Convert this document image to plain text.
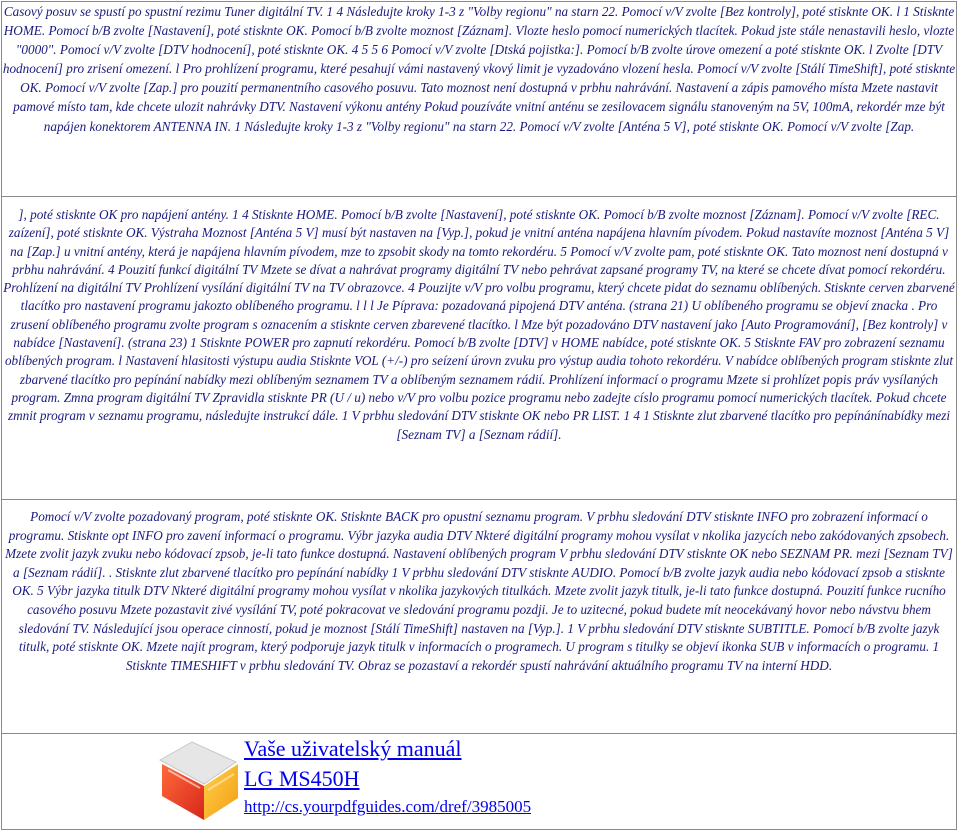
Casový posuv se spustí po spustní rezimu Tuner digitální TV. 1 4 Následujte kroky 1-3 z "Volby regionu" na starn 22. Pomocí v/V zvolte [Bez kontroly], poté stisknte OK. l 1 Stisknte HOME. Pomocí b/B zvolte [Nastavení], poté stisknte OK. Pomocí b/B zvolte moznost [Záznam]. Vlozte heslo pomocí numerických tlacítek. Pokud jste stále nenastavili heslo, vlozte "0000". Pomocí v/V zvolte [DTV hodnocení], poté stisknte OK. 4 5 5 6 Pomocí v/V zvolte [Dtská pojistka:]. Pomocí b/B zvolte úrove omezení a poté stisknte OK. l Zvolte [DTV hodnocení] pro zrisení omezení. l Pro prohlízení programu, které pesahují vámi nastavený vkový limit je vyzadováno vlození hesla. Pomocí v/V zvolte [Stálí TimeShift], poté stisknte OK. Pomocí v/V zvolte [Zap.] pro pouzití permanentního casového posuvu. Tato moznost není dostupná v prbhu nahrávání. Nastavení a zápis pamového místa Mzete nastavit pamové místo tam, kde chcete ulozit nahrávky DTV. Nastavení výkonu antény Pokud pouzíváte vnitní anténu se zesilovacem signálu stanoveným na 5V, 100mA, rekordér mze být napájen konektorem ANTENNA IN. 1 Následujte kroky 1-3 z "Volby regionu" na starn 22. Pomocí v/V zvolte [Anténa 5 V], poté stisknte OK. Pomocí v/V zvolte [Zap.

], poté stisknte OK pro napájení antény. 1 4 Stisknte HOME. Pomocí b/B zvolte [Nastavení], poté stisknte OK. Pomocí b/B zvolte moznost [Záznam]. Pomocí v/V zvolte [REC. zaízení], poté stisknte OK. Výstraha Moznost [Anténa 5 V] musí být nastaven na [Vyp.], pokud je vnitní anténa napájena hlavním pívodem. Pokud nastavíte moznost [Anténa 5 V] na [Zap.] u vnitní antény, která je napájena hlavním pívodem, mze to zpsobit skody na tomto rekordéru. 5 Pomocí v/V zvolte pam, poté stisknte OK. Tato moznost není dostupná v prbhu nahrávání. 4 Pouzití funkcí digitální TV Mzete se dívat a nahrávat programy digitální TV nebo pehrávat zapsané programy TV, na které se chcete dívat pomocí rekordéru. Prohlízení na digitální TV Prohlízení vysílání digitální TV na TV obrazovce. 4 Pouzijte v/V pro volbu programu, který chcete pidat do seznamu oblíbených. Stisknte cerven zbarvené tlacítko pro nastavení programu jakozto oblíbeného programu. l l l Je Píprava: pozadovaná pipojená DTV anténa. (strana 21) U oblíbeného programu se objeví znacka . Pro zrusení oblíbeného programu zvolte program s oznacením a stisknte cerven zbarevené tlacítko. l Mze být pozadováno DTV nastavení jako [Auto Programování], [Bez kontroly] v nabídce [Nastavení]. (strana 23) 1 Stisknte POWER pro zapnutí rekordéru. Pomocí b/B zvolte [DTV] v HOME nabídce, poté stisknte OK. 5 Stisknte FAV pro zobrazení seznamu oblíbených program. l Nastavení hlasitosti výstupu audia Stisknte VOL (+/-) pro seízení úrovn zvuku pro výstup audia tohoto rekordéru. V nabídce oblíbených program stisknte zlut zbarvené tlacítko pro pepínání nabídky mezi oblíbeným seznamem TV a oblíbeným seznamem rádií. Prohlízení informací o programu Mzete si prohlízet popis práv vysílaných program. Zmna program digitální TV Zpravidla stisknte PR (U / u) nebo v/V pro volbu pozice programu nebo zadejte císlo programu pomocí numerických tlacítek. Pokud chcete zmnit program v seznamu programu, následujte instrukcí dále. 1 V prbhu sledování DTV stisknte OK nebo PR LIST. 1 4 1 Stisknte zlut zbarvené tlacítko pro pepínánínabídky mezi [Seznam TV] a [Seznam rádií].

Pomocí v/V zvolte pozadovaný program, poté stisknte OK. Stisknte BACK pro opustní seznamu program. V prbhu sledování DTV stisknte INFO pro zobrazení informací o programu. Stisknte opt INFO pro zavení informací o programu. Výbr jazyka audia DTV Nkteré digitální programy mohou vysílat v nkolika jazycích nebo zakódovaných zpsobech. Mzete zvolit jazyk zvuku nebo kódovací zpsob, je-li tato funkce dostupná. Nastavení oblíbených program V prbhu sledování DTV stisknte OK nebo SEZNAM PR. mezi [Seznam TV] a [Seznam rádií]. . Stisknte zlut zbarvené tlacítko pro pepínání nabídky 1 V prbhu sledování DTV stisknte AUDIO. Pomocí b/B zvolte jazyk audia nebo kódovací zpsob a stisknte OK. 5 Výbr jazyka titulk DTV Nkteré digitální programy mohou vysílat v nkolika jazykových titulkách. Mzete zvolit jazyk titulk, je-li tato funkce dostupná. Pouzití funkce rucního casového posuvu Mzete pozastavit zivé vysílání TV, poté pokracovat ve sledování programu pozdji. Je to uzitecné, pokud budete mít neocekávaný hovor nebo návstvu bhem sledování TV. Následující jsou operace cinností, pokud je moznost [Stálí TimeShift] nastaven na [Vyp.]. 1 V prbhu sledování DTV stisknte SUBTITLE. Pomocí b/B zvolte jazyk titulk, poté stisknte OK. Mzete najít program, který podporuje jazyk titulk v informacích o programech. U program s titulky se objeví ikonka SUB v informacích o programu. 1 Stisknte TIMESHIFT v prbhu sledování TV. Obraz se pozastaví a rekordér spustí nahrávání aktuálního programu TV na interní HDD.

Vaše uživatelský manuál
LG MS450H
http://cs.yourpdfguides.com/dref/3985005
